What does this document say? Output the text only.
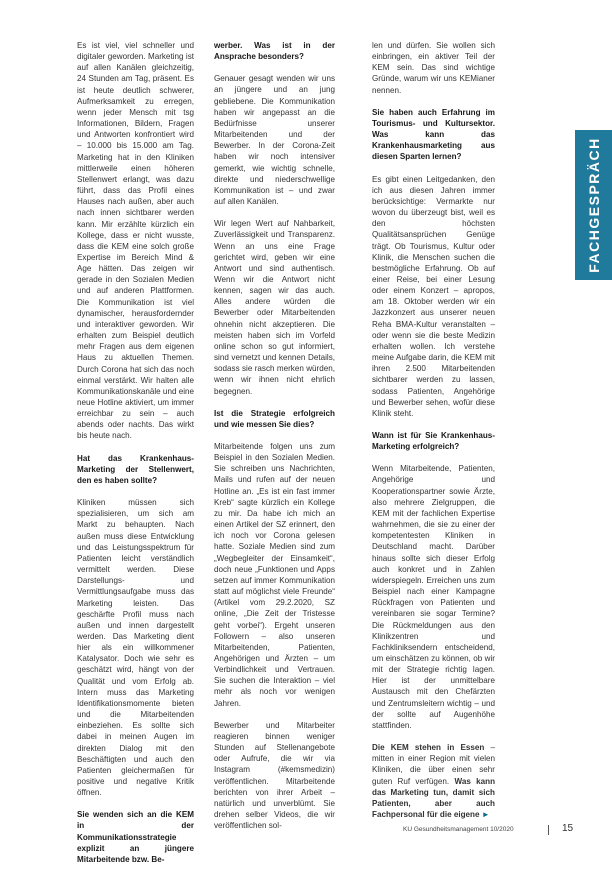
Es ist viel, viel schneller und digitaler geworden. Marketing ist auf allen Kanälen gleichzeitig, 24 Stunden am Tag, präsent. Es ist heute deutlich schwerer, Aufmerksamkeit zu erregen, wenn jeder Mensch mit tsg Informationen, Bildern, Fragen und Antworten konfrontiert wird – 10.000 bis 15.000 am Tag. Marketing hat in den Kliniken mittlerweile einen höheren Stellenwert erlangt, was dazu führt, dass das Profil eines Hauses nach außen, aber auch nach innen sichtbarer werden kann. Mir erzählte kürzlich ein Kollege, dass er nicht wusste, dass die KEM eine solch große Expertise im Bereich Mind & Age hätten. Das zeigen wir gerade in den Sozialen Medien und auf anderen Plattformen. Die Kommunikation ist viel dynamischer, herausfordernder und interaktiver geworden. Wir erhalten zum Beispiel deutlich mehr Fragen aus dem eigenen Haus zu aktuellen Themen. Durch Corona hat sich das noch einmal verstärkt. Wir halten alle Kommunikationskanäle und eine neue Hotline aktiviert, um immer erreichbar zu sein – auch abends oder nachts. Das wirkt bis heute nach.

Hat das Krankenhaus-Marketing der Stellenwert, den es haben sollte?

Kliniken müssen sich spezialisieren, um sich am Markt zu behaupten. Nach außen muss diese Entwicklung und das Leistungsspektrum für Patienten leicht verständlich vermittelt werden. Diese Darstellungs- und Vermittlungsaufgabe muss das Marketing leisten. Das geschärfte Profil muss nach außen und innen dargestellt werden. Das Marketing dient hier als ein willkommener Katalysator. Doch wie sehr es geschätzt wird, hängt von der Qualität und vom Erfolg ab. Intern muss das Marketing Identifikationsmomente bieten und die Mitarbeitenden einbeziehen. Es sollte sich dabei in meinen Augen im direkten Dialog mit den Beschäftigten und auch den Patienten gleichermaßen für positive und negative Kritik öffnen.

Sie wenden sich an die KEM in der Kommunikationsstrategie explizit an jüngere Mitarbeitende bzw. Be-

werber. Was ist in der Ansprache besonders?

Genauer gesagt wenden wir uns an jüngere und an jung gebliebene. Die Kommunikation haben wir angepasst an die Bedürfnisse unserer Mitarbeitenden und der Bewerber. In der Corona-Zeit haben wir noch intensiver gemerkt, wie wichtig schnelle, direkte und niederschwellige Kommunikation ist – und zwar auf allen Kanälen.

Wir legen Wert auf Nahbarkeit, Zuverlässigkeit und Transparenz. Wenn an uns eine Frage gerichtet wird, geben wir eine Antwort und sind authentisch. Wenn wir die Antwort nicht kennen, sagen wir das auch. Alles andere würden die Bewerber oder Mitarbeitenden ohnehin nicht akzeptieren. Die meisten haben sich im Vorfeld online schon so gut informiert, sind vernetzt und kennen Details, sodass sie rasch merken würden, wenn wir ihnen nicht ehrlich begegnen.

Ist die Strategie erfolgreich und wie messen Sie dies?

Mitarbeitende folgen uns zum Beispiel in den Sozialen Medien. Sie schreiben uns Nachrichten, Mails und rufen auf der neuen Hotline an. „Es ist ein fast immer Kreb“ sagte kürzlich ein Kollege zu mir. Da habe ich mich an einen Artikel der SZ erinnert, den ich noch vor Corona gelesen hatte. Soziale Medien sind zum „Wegbegleiter der Einsamkeit“, doch neue „Funktionen und Apps setzen auf immer Kommunikation statt auf möglichst viele Freunde“ (Artikel vom 29.2.2020, SZ online, „Die Zeit der Tristesse geht vorbei“). Ergeht unseren Followern – also unseren Mitarbeitenden, Patienten, Angehörigen und Ärzten – um Verbindlichkeit und Vertrauen. Sie suchen die Interaktion – viel mehr als noch vor wenigen Jahren.

Bewerber und Mitarbeiter reagieren binnen weniger Stunden auf Stellenangebote oder Aufrufe, die wir via Instagram (#kemsmedizin) veröffentlichen. Mitarbeitende berichten von ihrer Arbeit – natürlich und unverblümt. Sie drehen selber Videos, die wir veröffentlichen sol-

len und dürfen. Sie wollen sich einbringen, ein aktiver Teil der KEM sein. Das sind wichtige Gründe, warum wir uns KEMianer nennen.

Sie haben auch Erfahrung im Tourismus- und Kultursektor. Was kann das Krankenhausmarketing aus diesen Sparten lernen?

Es gibt einen Leitgedanken, den ich aus diesen Jahren immer berücksichtige: Vermarkte nur wovon du überzeugt bist, weil es den höchsten Qualitätsansprüchen Genüge trägt. Ob Tourismus, Kultur oder Klinik, die Menschen suchen die bestmögliche Erfahrung. Ob auf einer Reise, bei einer Lesung oder einem Konzert – apropos, am 18. Oktober werden wir ein Jazzkonzert aus unserer neuen Reha BMA-Kultur veranstalten – oder wenn sie die beste Medizin erhalten wollen. Ich verstehe meine Aufgabe darin, die KEM mit ihren 2.500 Mitarbeitenden sichtbarer werden zu lassen, sodass Patienten, Angehörige und Bewerber sehen, wofür diese Klinik steht.

Wann ist für Sie Krankenhaus-Marketing erfolgreich?

Wenn Mitarbeitende, Patienten, Angehörige und Kooperationspartner sowie Ärzte, also mehrere Zielgruppen, die KEM mit der fachlichen Expertise wahrnehmen, die sie zu einer der kompetentesten Kliniken in Deutschland macht. Darüber hinaus sollte sich dieser Erfolg auch konkret und in Zahlen widerspiegeln. Erreichen uns zum Beispiel nach einer Kampagne Rückfragen von Patienten und vereinbaren sie sogar Termine? Die Rückmeldungen aus den Klinikzentren und Fachkliniksendern entscheidend, um einschätzen zu können, ob wir mit der Strategie richtig lagen. Hier ist der unmittelbare Austausch mit den Chefärzten und Zentrumsleitern wichtig – und der sollte auf Augenhöhe stattfinden.

Die KEM stehen in Essen – mitten in einer Region mit vielen Kliniken, die über einen sehr guten Ruf verfügen. Was kann das Marketing tun, damit sich Patienten, aber auch Fachpersonal für die eigene ►

FACHGESPRÄCH
KU Gesundheitsmanagement 10/2020	15
